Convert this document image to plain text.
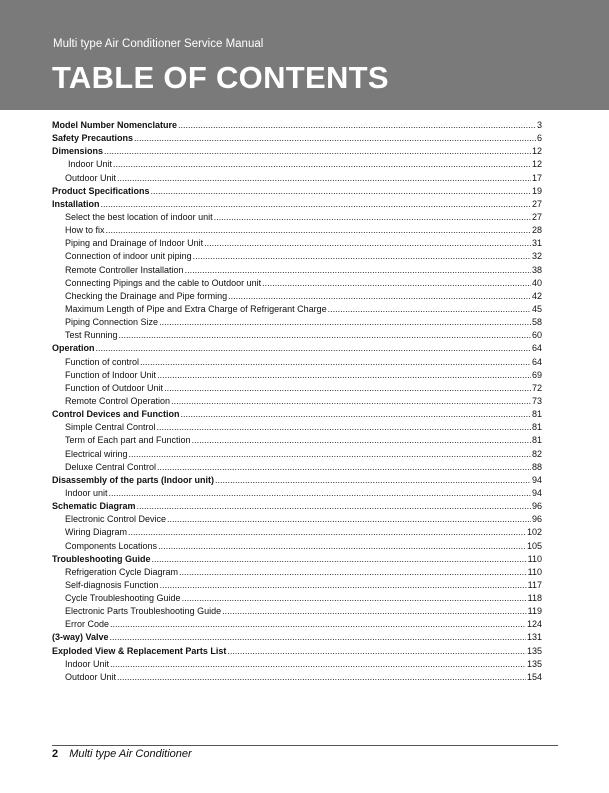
Multi type Air Conditioner Service Manual
TABLE OF CONTENTS
Model Number Nomenclature .....	3
Safety Precautions .....	6
Dimensions .....	12
Indoor Unit .....	12
Outdoor Unit .....	17
Product Specifications .....	19
Installation .....	27
Select the best location of indoor unit .....	27
How to fix .....	28
Piping and Drainage of Indoor Unit .....	31
Connection of indoor unit piping .....	32
Remote Controller Installation .....	38
Connecting Pipings and the cable to Outdoor unit .....	40
Checking the Drainage and Pipe forming .....	42
Maximum Length of Pipe and Extra Charge of Refrigerant Charge .....	45
Piping Connection Size .....	58
Test Running .....	60
Operation .....	64
Function of control .....	64
Function of Indoor Unit .....	69
Function of Outdoor Unit .....	72
Remote Control Operation .....	73
Control Devices and Function .....	81
Simple Central Control .....	81
Term of Each part and Function .....	81
Electrical wiring .....	82
Deluxe Central Control .....	88
Disassembly of the parts (Indoor unit) .....	94
Indoor unit .....	94
Schematic Diagram .....	96
Electronic Control Device .....	96
Wiring Diagram .....	102
Components Locations .....	105
Troubleshooting Guide .....	110
Refrigeration Cycle Diagram .....	110
Self-diagnosis Function .....	117
Cycle Troubleshooting Guide .....	118
Electronic Parts Troubleshooting Guide .....	119
Error Code .....	124
(3-way) Valve .....	131
Exploded View & Replacement Parts List .....	135
Indoor Unit .....	135
Outdoor Unit .....	154
2 Multi type Air Conditioner
